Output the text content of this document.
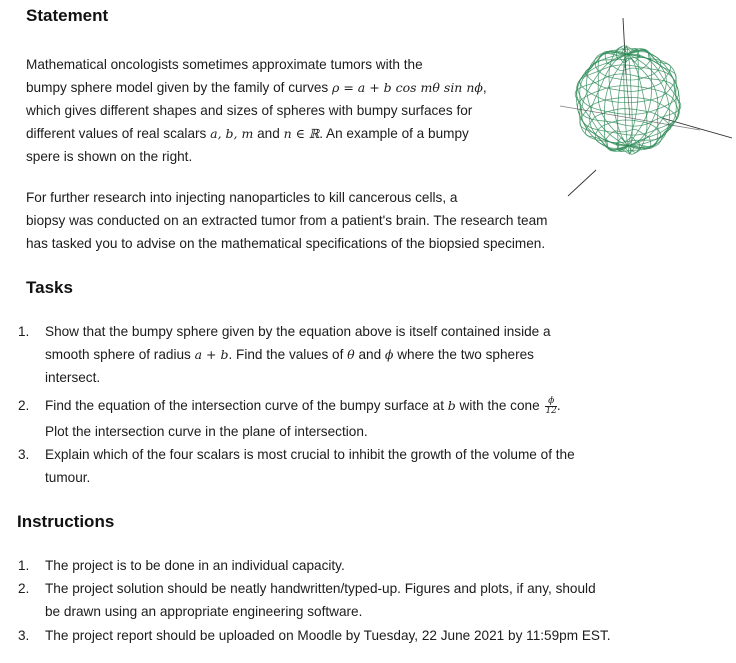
Statement

Mathematical oncologists sometimes approximate tumors with the

bumpy sphere model given by the family of curves ρ = a + b cos mθ sin nϕ,

which gives different shapes and sizes of spheres with bumpy surfaces for

different values of real scalars a, b, m and n ∈ ℝ. An example of a bumpy

spere is shown on the right.

For further research into injecting nanoparticles to kill cancerous cells, a

biopsy was conducted on an extracted tumor from a patient's brain. The research team

has tasked you to advise on the mathematical specifications of the biopsied specimen.

Tasks
1. Show that the bumpy sphere given by the equation above is itself contained inside a

smooth sphere of radius a + b. Find the values of θ and ϕ where the two spheres

intersect.

2. Find the equation of the intersection curve of the bumpy surface at b with the cone $\frac{\phi}{12}$ .

Plot the intersection curve in the plane of intersection.

3. Explain which of the four scalars is most crucial to inhibit the growth of the volume of the

tumour.

Instructions
1. The project is to be done in an individual capacity.

2. The project solution should be neatly handwritten/typed-up. Figures and plots, if any, should

be drawn using an appropriate engineering software.

3. The project report should be uploaded on Moodle by Tuesday, 22 June 2021 by 11:59pm EST.
